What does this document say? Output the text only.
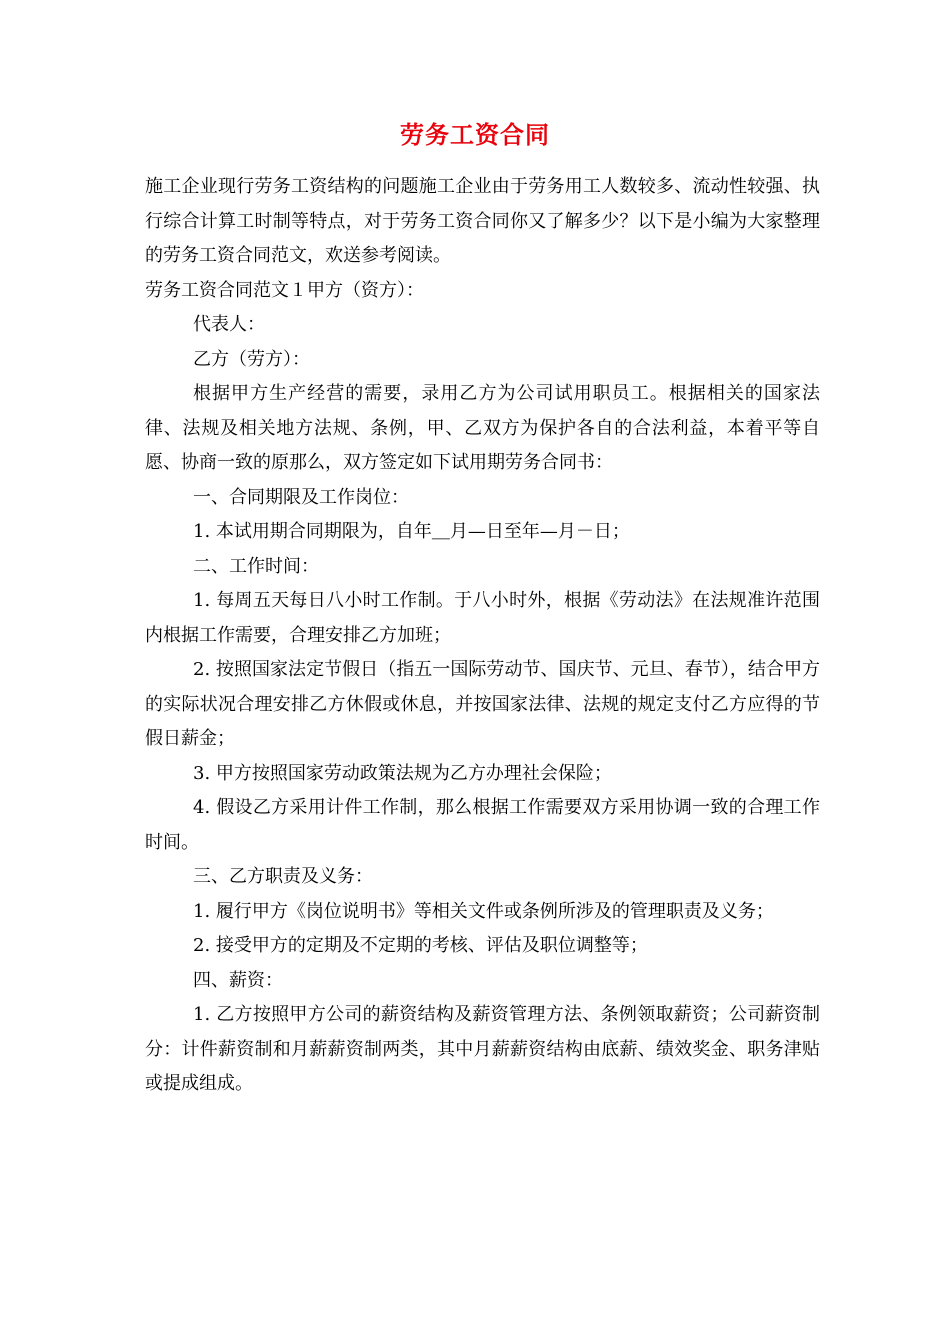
劳务工资合同

施工企业现行劳务工资结构的问题施工企业由于劳务用工人数较多、流动性较强、执行综合计算工时制等特点，对于劳务工资合同你又了解多少？以下是小编为大家整理的劳务工资合同范文，欢送参考阅读。

劳务工资合同范文１甲方（资方）：

代表人：

乙方（劳方）：

根据甲方生产经营的需要，录用乙方为公司试用职员工。根据相关的国家法律、法规及相关地方法规、条例，甲、乙双方为保护各自的合法利益，本着平等自愿、协商一致的原那么，双方签定如下试用期劳务合同书：

一、合同期限及工作岗位：

1. 本试用期合同期限为，自年＿月—日至年—月－日；

二、工作时间：

1. 每周五天每日八小时工作制。于八小时外，根据《劳动法》在法规准许范围内根据工作需要，合理安排乙方加班；

2. 按照国家法定节假日（指五一国际劳动节、国庆节、元旦、春节），结合甲方的实际状况合理安排乙方休假或休息，并按国家法律、法规的规定支付乙方应得的节假日薪金；

3. 甲方按照国家劳动政策法规为乙方办理社会保险；

4. 假设乙方采用计件工作制，那么根据工作需要双方采用协调一致的合理工作时间。

三、乙方职责及义务：

1. 履行甲方《岗位说明书》等相关文件或条例所涉及的管理职责及义务；

2. 接受甲方的定期及不定期的考核、评估及职位调整等；

四、薪资：

1. 乙方按照甲方公司的薪资结构及薪资管理方法、条例领取薪资；公司薪资制分：计件薪资制和月薪薪资制两类，其中月薪薪资结构由底薪、绩效奖金、职务津贴或提成组成。
